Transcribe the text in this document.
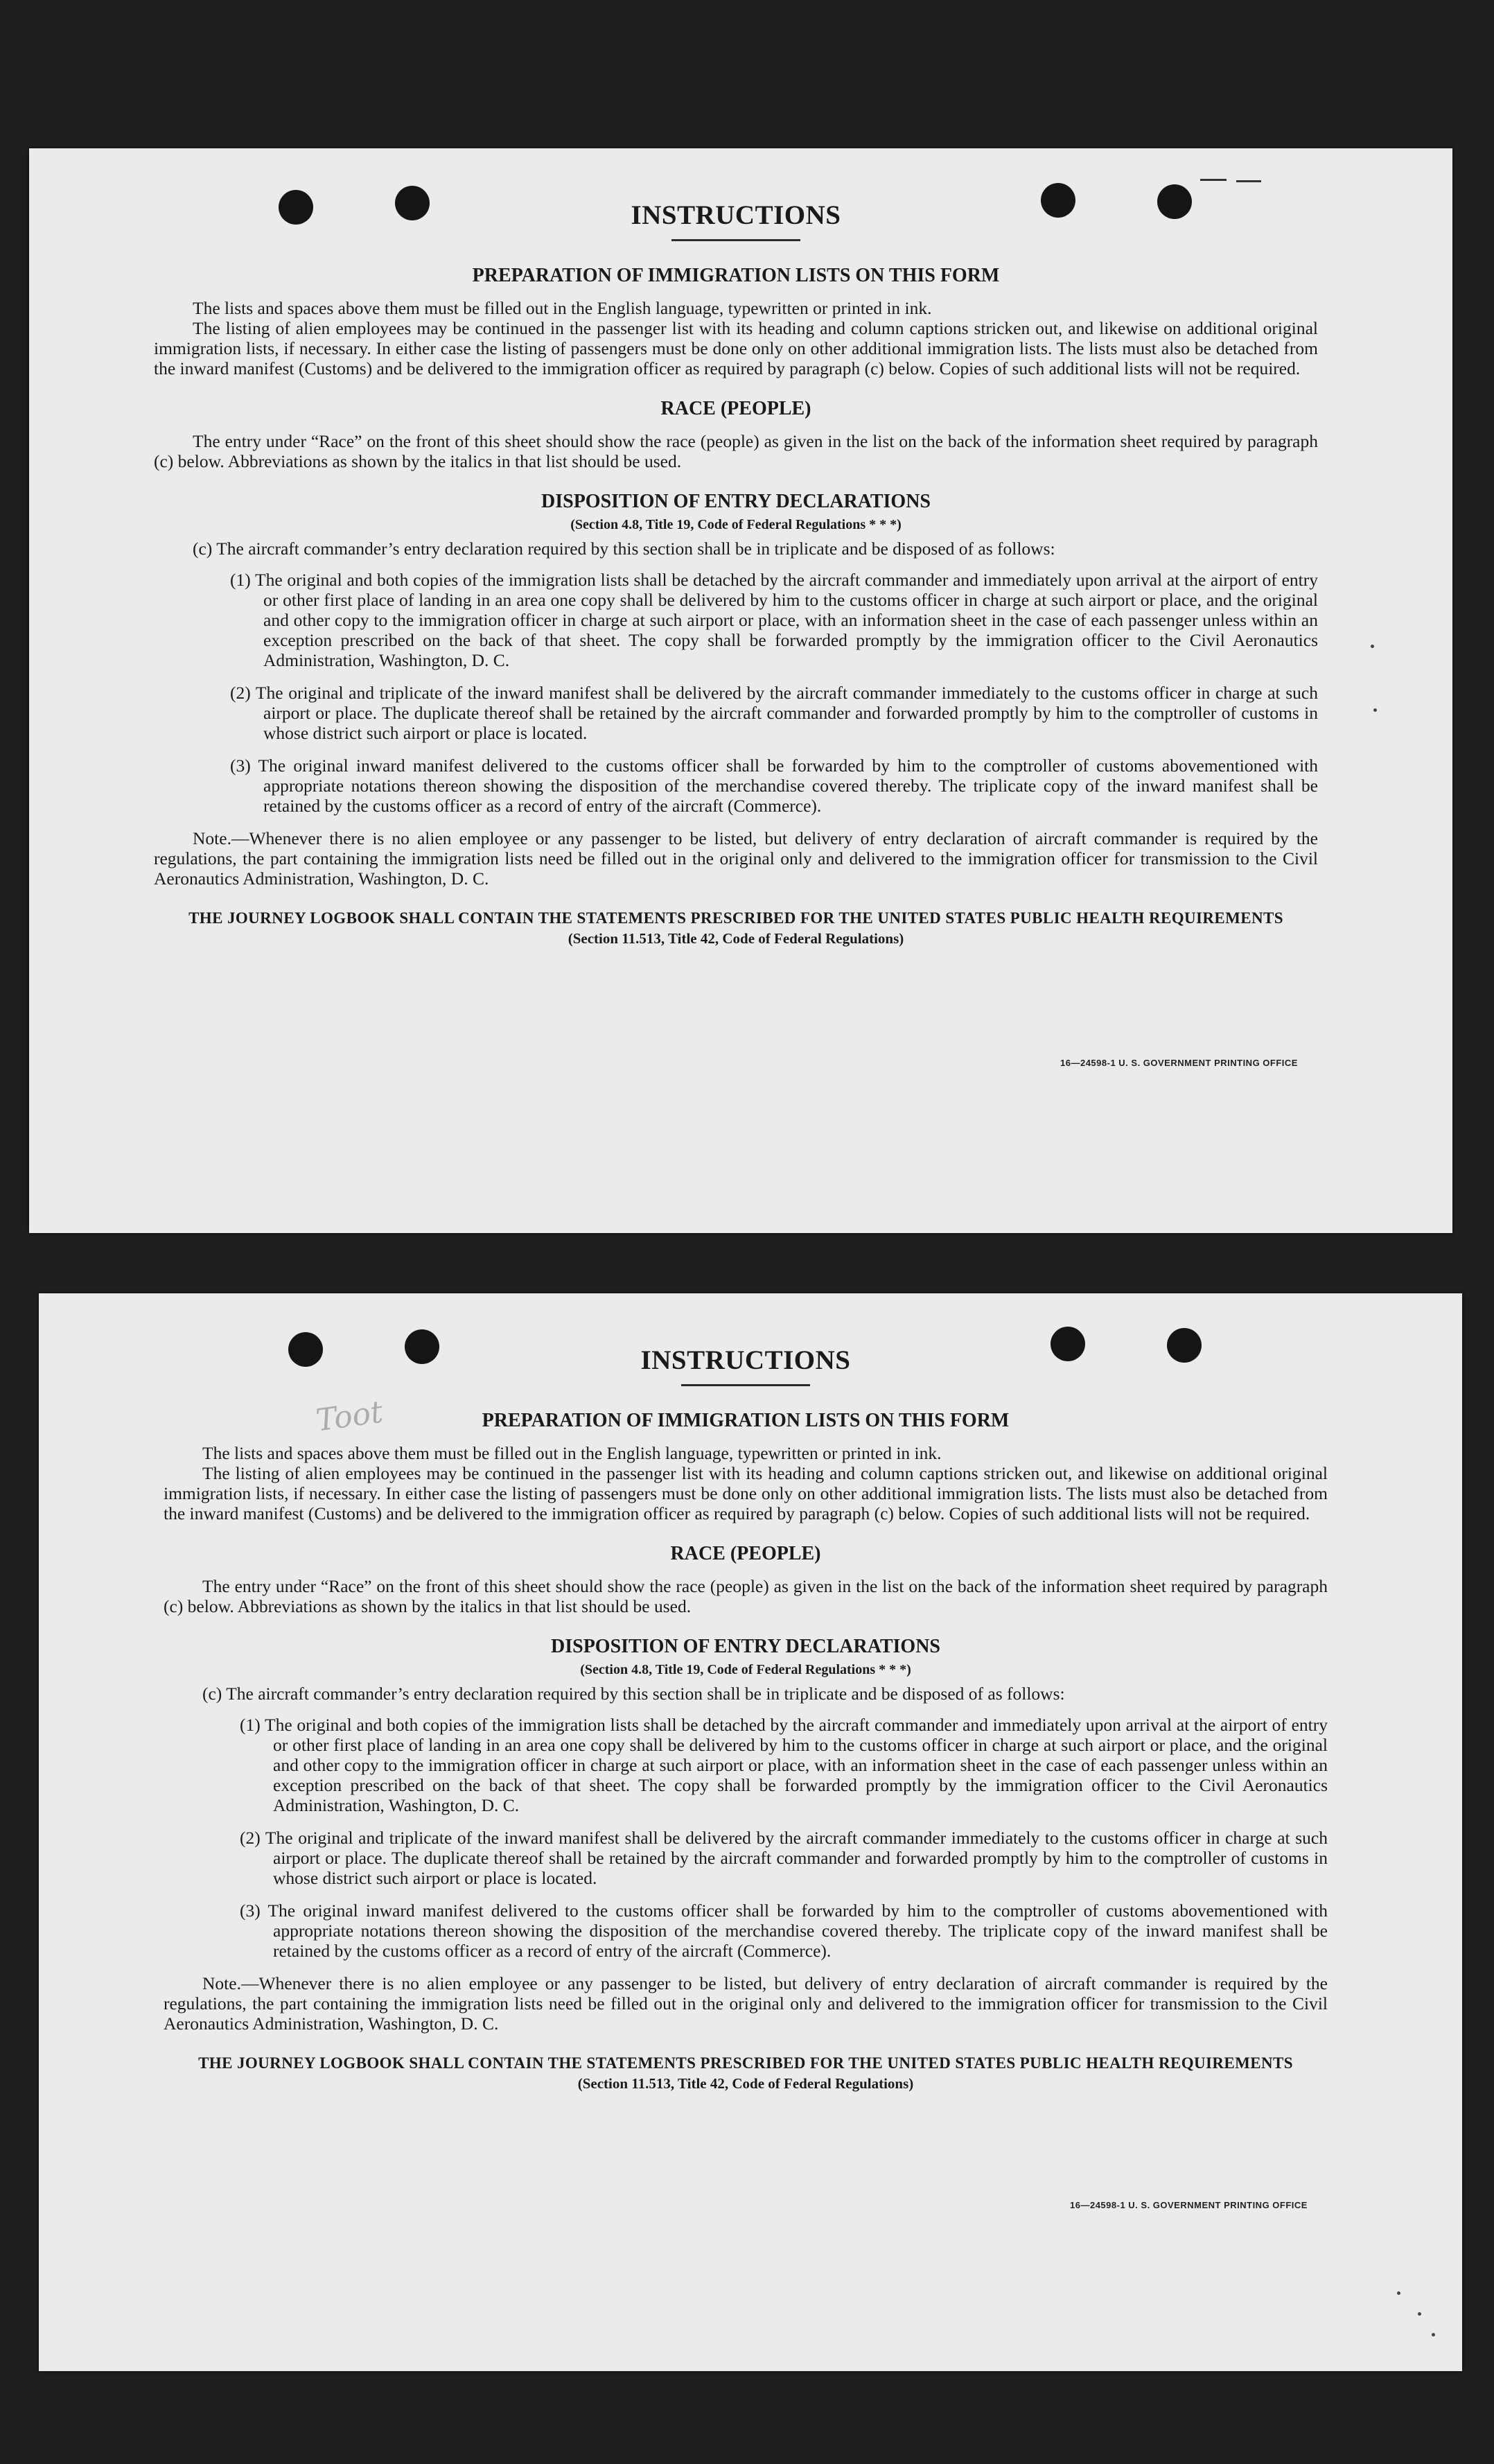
INSTRUCTIONS
PREPARATION OF IMMIGRATION LISTS ON THIS FORM

The lists and spaces above them must be filled out in the English language, typewritten or printed in ink.

The listing of alien employees may be continued in the passenger list with its heading and column captions stricken out, and likewise on additional original immigration lists, if necessary. In either case the listing of passengers must be done only on other additional immigration lists. The lists must also be detached from the inward manifest (Customs) and be delivered to the immigration officer as required by paragraph (c) below. Copies of such additional lists will not be required.

RACE (PEOPLE)

The entry under “Race” on the front of this sheet should show the race (people) as given in the list on the back of the information sheet required by paragraph (c) below. Abbreviations as shown by the italics in that list should be used.

DISPOSITION OF ENTRY DECLARATIONS
(Section 4.8, Title 19, Code of Federal Regulations * * *)

(c) The aircraft commander’s entry declaration required by this section shall be in triplicate and be disposed of as follows:

(1) The original and both copies of the immigration lists shall be detached by the aircraft commander and immediately upon arrival at the airport of entry or other first place of landing in an area one copy shall be delivered by him to the customs officer in charge at such airport or place, and the original and other copy to the immigration officer in charge at such airport or place, with an information sheet in the case of each passenger unless within an exception prescribed on the back of that sheet. The copy shall be forwarded promptly by the immigration officer to the Civil Aeronautics Administration, Washington, D. C.
(2) The original and triplicate of the inward manifest shall be delivered by the aircraft commander immediately to the customs officer in charge at such airport or place. The duplicate thereof shall be retained by the aircraft commander and forwarded promptly by him to the comptroller of customs in whose district such airport or place is located.
(3) The original inward manifest delivered to the customs officer shall be forwarded by him to the comptroller of customs abovementioned with appropriate notations thereon showing the disposition of the merchandise covered thereby. The triplicate copy of the inward manifest shall be retained by the customs officer as a record of entry of the aircraft (Commerce).

Note.—Whenever there is no alien employee or any passenger to be listed, but delivery of entry declaration of aircraft commander is required by the regulations, the part containing the immigration lists need be filled out in the original only and delivered to the immigration officer for transmission to the Civil Aeronautics Administration, Washington, D. C.

THE JOURNEY LOGBOOK SHALL CONTAIN THE STATEMENTS PRESCRIBED FOR THE UNITED STATES PUBLIC HEALTH REQUIREMENTS
(Section 11.513, Title 42, Code of Federal Regulations)
16—24598-1 U. S. GOVERNMENT PRINTING OFFICE
Toot
INSTRUCTIONS
PREPARATION OF IMMIGRATION LISTS ON THIS FORM

The lists and spaces above them must be filled out in the English language, typewritten or printed in ink.

The listing of alien employees may be continued in the passenger list with its heading and column captions stricken out, and likewise on additional original immigration lists, if necessary. In either case the listing of passengers must be done only on other additional immigration lists. The lists must also be detached from the inward manifest (Customs) and be delivered to the immigration officer as required by paragraph (c) below. Copies of such additional lists will not be required.

RACE (PEOPLE)

The entry under “Race” on the front of this sheet should show the race (people) as given in the list on the back of the information sheet required by paragraph (c) below. Abbreviations as shown by the italics in that list should be used.

DISPOSITION OF ENTRY DECLARATIONS
(Section 4.8, Title 19, Code of Federal Regulations * * *)

(c) The aircraft commander’s entry declaration required by this section shall be in triplicate and be disposed of as follows:

(1) The original and both copies of the immigration lists shall be detached by the aircraft commander and immediately upon arrival at the airport of entry or other first place of landing in an area one copy shall be delivered by him to the customs officer in charge at such airport or place, and the original and other copy to the immigration officer in charge at such airport or place, with an information sheet in the case of each passenger unless within an exception prescribed on the back of that sheet. The copy shall be forwarded promptly by the immigration officer to the Civil Aeronautics Administration, Washington, D. C.
(2) The original and triplicate of the inward manifest shall be delivered by the aircraft commander immediately to the customs officer in charge at such airport or place. The duplicate thereof shall be retained by the aircraft commander and forwarded promptly by him to the comptroller of customs in whose district such airport or place is located.
(3) The original inward manifest delivered to the customs officer shall be forwarded by him to the comptroller of customs abovementioned with appropriate notations thereon showing the disposition of the merchandise covered thereby. The triplicate copy of the inward manifest shall be retained by the customs officer as a record of entry of the aircraft (Commerce).

Note.—Whenever there is no alien employee or any passenger to be listed, but delivery of entry declaration of aircraft commander is required by the regulations, the part containing the immigration lists need be filled out in the original only and delivered to the immigration officer for transmission to the Civil Aeronautics Administration, Washington, D. C.

THE JOURNEY LOGBOOK SHALL CONTAIN THE STATEMENTS PRESCRIBED FOR THE UNITED STATES PUBLIC HEALTH REQUIREMENTS
(Section 11.513, Title 42, Code of Federal Regulations)
16—24598-1 U. S. GOVERNMENT PRINTING OFFICE
